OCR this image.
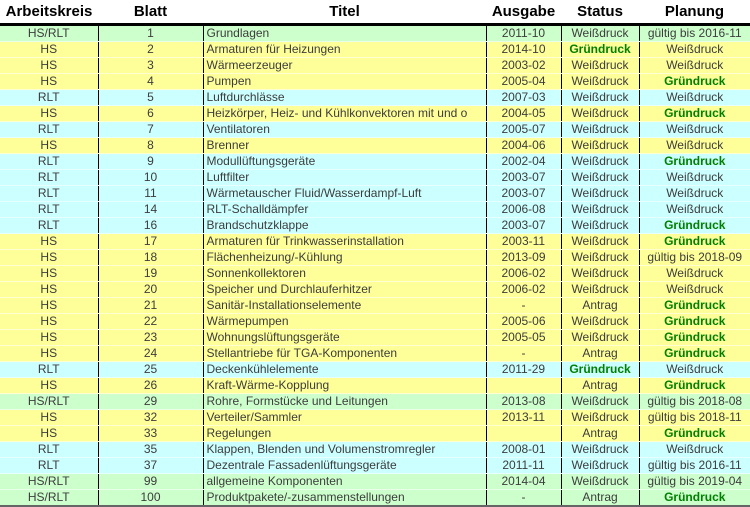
Arbeitskreis	Blatt	Titel	Ausgabe	Status	Planung
HS/RLT	1	Grundlagen	2011-10	Weißdruck	gültig bis 2016-11
HS	2	Armaturen für Heizungen	2014-10	Gründruck	Weißdruck
HS	3	Wärmeerzeuger	2003-02	Weißdruck	Weißdruck
HS	4	Pumpen	2005-04	Weißdruck	Gründruck
RLT	5	Luftdurchlässe	2007-03	Weißdruck	Weißdruck
HS	6	Heizkörper, Heiz- und Kühlkonvektoren mit und o	2004-05	Weißdruck	Gründruck
RLT	7	Ventilatoren	2005-07	Weißdruck	Weißdruck
HS	8	Brenner	2004-06	Weißdruck	Weißdruck
RLT	9	Modullüftungsgeräte	2002-04	Weißdruck	Gründruck
RLT	10	Luftfilter	2003-07	Weißdruck	Weißdruck
RLT	11	Wärmetauscher Fluid/Wasserdampf-Luft	2003-07	Weißdruck	Weißdruck
RLT	14	RLT-Schalldämpfer	2006-08	Weißdruck	Weißdruck
RLT	16	Brandschutzklappe	2003-07	Weißdruck	Gründruck
HS	17	Armaturen für Trinkwasserinstallation	2003-11	Weißdruck	Gründruck
HS	18	Flächenheizung/-Kühlung	2013-09	Weißdruck	gültig bis 2018-09
HS	19	Sonnenkollektoren	2006-02	Weißdruck	Weißdruck
HS	20	Speicher und Durchlauferhitzer	2006-02	Weißdruck	Weißdruck
HS	21	Sanitär-Installationselemente	-	Antrag	Gründruck
HS	22	Wärmepumpen	2005-06	Weißdruck	Gründruck
HS	23	Wohnungslüftungsgeräte	2005-05	Weißdruck	Gründruck
HS	24	Stellantriebe für TGA-Komponenten	-	Antrag	Gründruck
RLT	25	Deckenkühlelemente	2011-29	Gründruck	Weißdruck
HS	26	Kraft-Wärme-Kopplung		Antrag	Gründruck
HS/RLT	29	Rohre, Formstücke und Leitungen	2013-08	Weißdruck	gültig bis 2018-08
HS	32	Verteiler/Sammler	2013-11	Weißdruck	gültig bis 2018-11
HS	33	Regelungen		Antrag	Gründruck
RLT	35	Klappen, Blenden und Volumenstromregler	2008-01	Weißdruck	Weißdruck
RLT	37	Dezentrale Fassadenlüftungsgeräte	2011-11	Weißdruck	gültig bis 2016-11
HS/RLT	99	allgemeine Komponenten	2014-04	Weißdruck	gültig bis 2019-04
HS/RLT	100	Produktpakete/-zusammenstellungen	-	Antrag	Gründruck
